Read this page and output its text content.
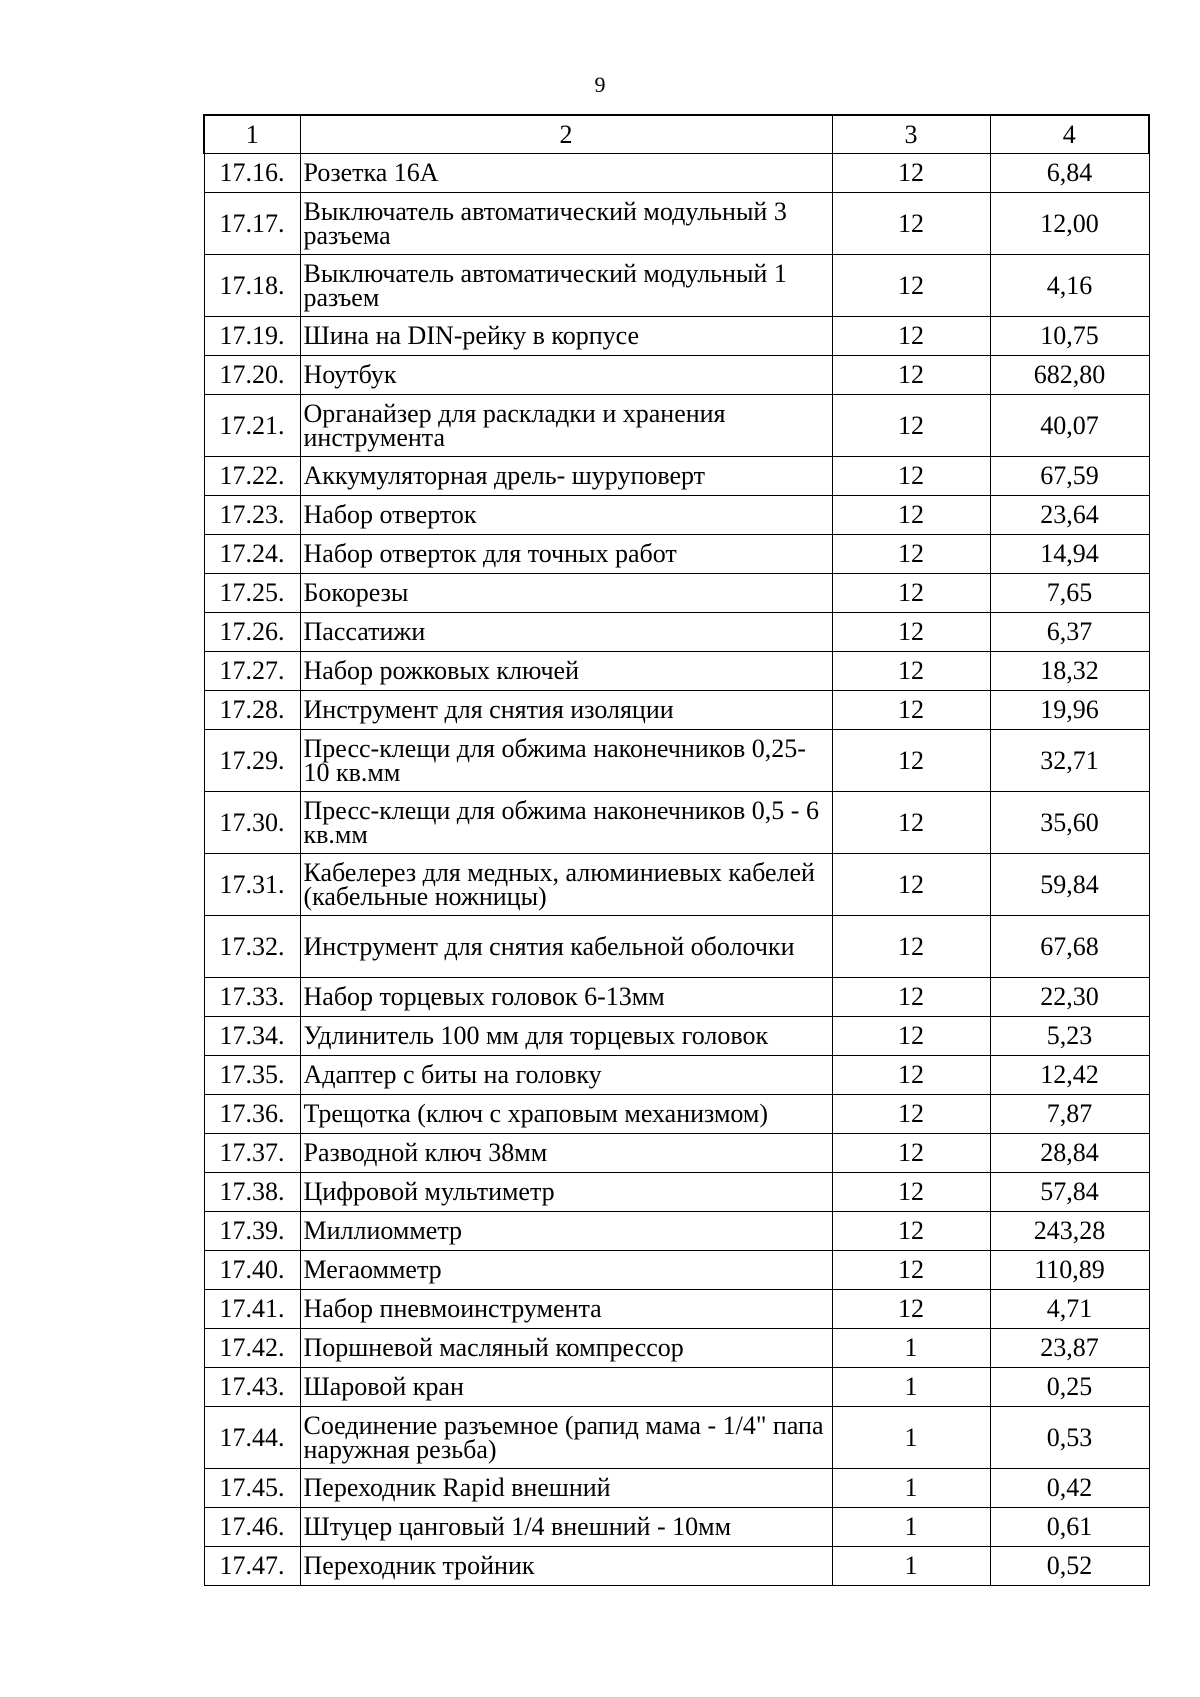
9
1	2	3	4
17.16.	Розетка 16А	12	6,84
17.17.	Выключатель автоматический модульный 3 разъема	12	12,00
17.18.	Выключатель автоматический модульный 1 разъем	12	4,16
17.19.	Шина на DIN-рейку в корпусе	12	10,75
17.20.	Ноутбук	12	682,80
17.21.	Органайзер для раскладки и хранения инструмента	12	40,07
17.22.	Аккумуляторная дрель- шуруповерт	12	67,59
17.23.	Набор отверток	12	23,64
17.24.	Набор отверток для точных работ	12	14,94
17.25.	Бокорезы	12	7,65
17.26.	Пассатижи	12	6,37
17.27.	Набор рожковых ключей	12	18,32
17.28.	Инструмент для снятия изоляции	12	19,96
17.29.	Пресс-клещи для обжима наконечников 0,25-10 кв.мм	12	32,71
17.30.	Пресс-клещи для обжима наконечников 0,5 - 6 кв.мм	12	35,60
17.31.	Кабелерез для медных, алюминиевых кабелей (кабельные ножницы)	12	59,84
17.32.	Инструмент для снятия кабельной оболочки	12	67,68
17.33.	Набор торцевых головок 6-13мм	12	22,30
17.34.	Удлинитель 100 мм для торцевых головок	12	5,23
17.35.	Адаптер с биты на головку	12	12,42
17.36.	Трещотка (ключ с храповым механизмом)	12	7,87
17.37.	Разводной ключ 38мм	12	28,84
17.38.	Цифровой мультиметр	12	57,84
17.39.	Миллиомметр	12	243,28
17.40.	Мегаомметр	12	110,89
17.41.	Набор пневмоинструмента	12	4,71
17.42.	Поршневой масляный компрессор	1	23,87
17.43.	Шаровой кран	1	0,25
17.44.	Соединение разъемное (рапид мама - 1/4" папа наружная резьба)	1	0,53
17.45.	Переходник Rapid внешний	1	0,42
17.46.	Штуцер цанговый 1/4 внешний - 10мм	1	0,61
17.47.	Переходник тройник	1	0,52
